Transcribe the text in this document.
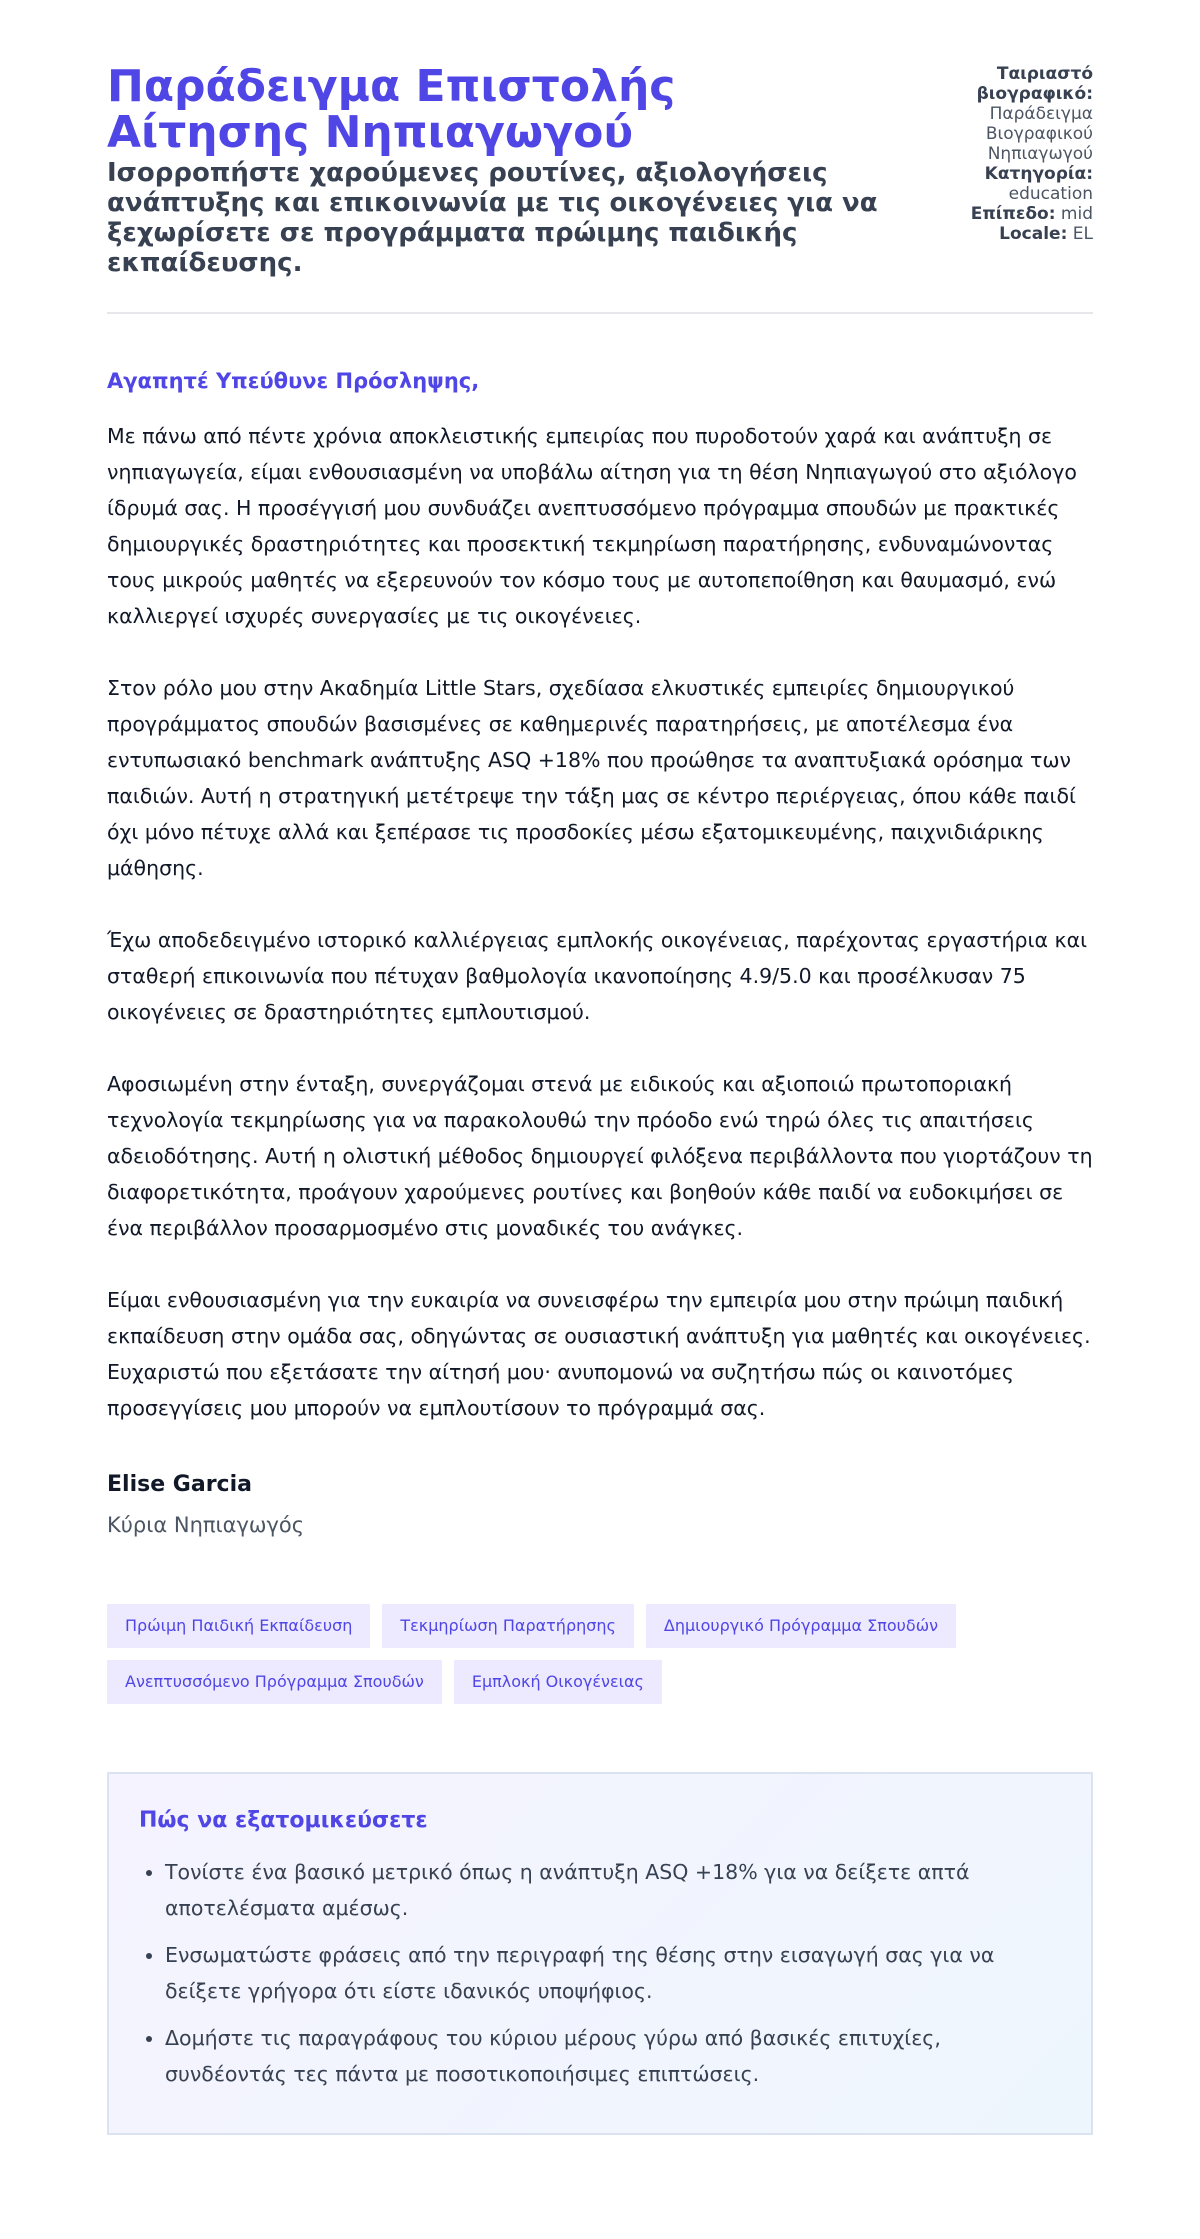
Παράδειγμα Επιστολής Αίτησης Νηπιαγωγού
Ισορροπήστε χαρούμενες ρουτίνες, αξιολογήσεις ανάπτυξης και επικοινωνία με τις οικογένειες για να ξεχωρίσετε σε προγράμματα πρώιμης παιδικής εκπαίδευσης.

Ταιριαστό βιογραφικό:

Παράδειγμα Βιογραφικού Νηπιαγωγού

Κατηγορία:

education

Επίπεδο: mid

Locale: EL

Αγαπητέ Υπεύθυνε Πρόσληψης,

Με πάνω από πέντε χρόνια αποκλειστικής εμπειρίας που πυροδοτούν χαρά και ανάπτυξη σε νηπιαγωγεία, είμαι ενθουσιασμένη να υποβάλω αίτηση για τη θέση Νηπιαγωγού στο αξιόλογο ίδρυμά σας. Η προσέγγισή μου συνδυάζει ανεπτυσσόμενο πρόγραμμα σπουδών με πρακτικές δημιουργικές δραστηριότητες και προσεκτική τεκμηρίωση παρατήρησης, ενδυναμώνοντας τους μικρούς μαθητές να εξερευνούν τον κόσμο τους με αυτοπεποίθηση και θαυμασμό, ενώ καλλιεργεί ισχυρές συνεργασίες με τις οικογένειες.

Στον ρόλο μου στην Ακαδημία Little Stars, σχεδίασα ελκυστικές εμπειρίες δημιουργικού προγράμματος σπουδών βασισμένες σε καθημερινές παρατηρήσεις, με αποτέλεσμα ένα εντυπωσιακό benchmark ανάπτυξης ASQ +18% που προώθησε τα αναπτυξιακά ορόσημα των παιδιών. Αυτή η στρατηγική μετέτρεψε την τάξη μας σε κέντρο περιέργειας, όπου κάθε παιδί όχι μόνο πέτυχε αλλά και ξεπέρασε τις προσδοκίες μέσω εξατομικευμένης, παιχνιδιάρικης μάθησης.

Έχω αποδεδειγμένο ιστορικό καλλιέργειας εμπλοκής οικογένειας, παρέχοντας εργαστήρια και σταθερή επικοινωνία που πέτυχαν βαθμολογία ικανοποίησης 4.9/5.0 και προσέλκυσαν 75 οικογένειες σε δραστηριότητες εμπλουτισμού.

Αφοσιωμένη στην ένταξη, συνεργάζομαι στενά με ειδικούς και αξιοποιώ πρωτοποριακή τεχνολογία τεκμηρίωσης για να παρακολουθώ την πρόοδο ενώ τηρώ όλες τις απαιτήσεις αδειοδότησης. Αυτή η ολιστική μέθοδος δημιουργεί φιλόξενα περιβάλλοντα που γιορτάζουν τη διαφορετικότητα, προάγουν χαρούμενες ρουτίνες και βοηθούν κάθε παιδί να ευδοκιμήσει σε ένα περιβάλλον προσαρμοσμένο στις μοναδικές του ανάγκες.

Είμαι ενθουσιασμένη για την ευκαιρία να συνεισφέρω την εμπειρία μου στην πρώιμη παιδική εκπαίδευση στην ομάδα σας, οδηγώντας σε ουσιαστική ανάπτυξη για μαθητές και οικογένειες. Ευχαριστώ που εξετάσατε την αίτησή μου· ανυπομονώ να συζητήσω πώς οι καινοτόμες προσεγγίσεις μου μπορούν να εμπλουτίσουν το πρόγραμμά σας.

Elise Garcia

Κύρια Νηπιαγωγός

Πρώιμη Παιδική Εκπαίδευση	Τεκμηρίωση Παρατήρησης	Δημιουργικό Πρόγραμμα Σπουδών
Ανεπτυσσόμενο Πρόγραμμα Σπουδών	Εμπλοκή Οικογένειας
Πώς να εξατομικεύσετε
• Τονίστε ένα βασικό μετρικό όπως η ανάπτυξη ASQ +18% για να δείξετε απτά αποτελέσματα αμέσως.
• Ενσωματώστε φράσεις από την περιγραφή της θέσης στην εισαγωγή σας για να δείξετε γρήγορα ότι είστε ιδανικός υποψήφιος.
• Δομήστε τις παραγράφους του κύριου μέρους γύρω από βασικές επιτυχίες, συνδέοντάς τες πάντα με ποσοτικοποιήσιμες επιπτώσεις.
